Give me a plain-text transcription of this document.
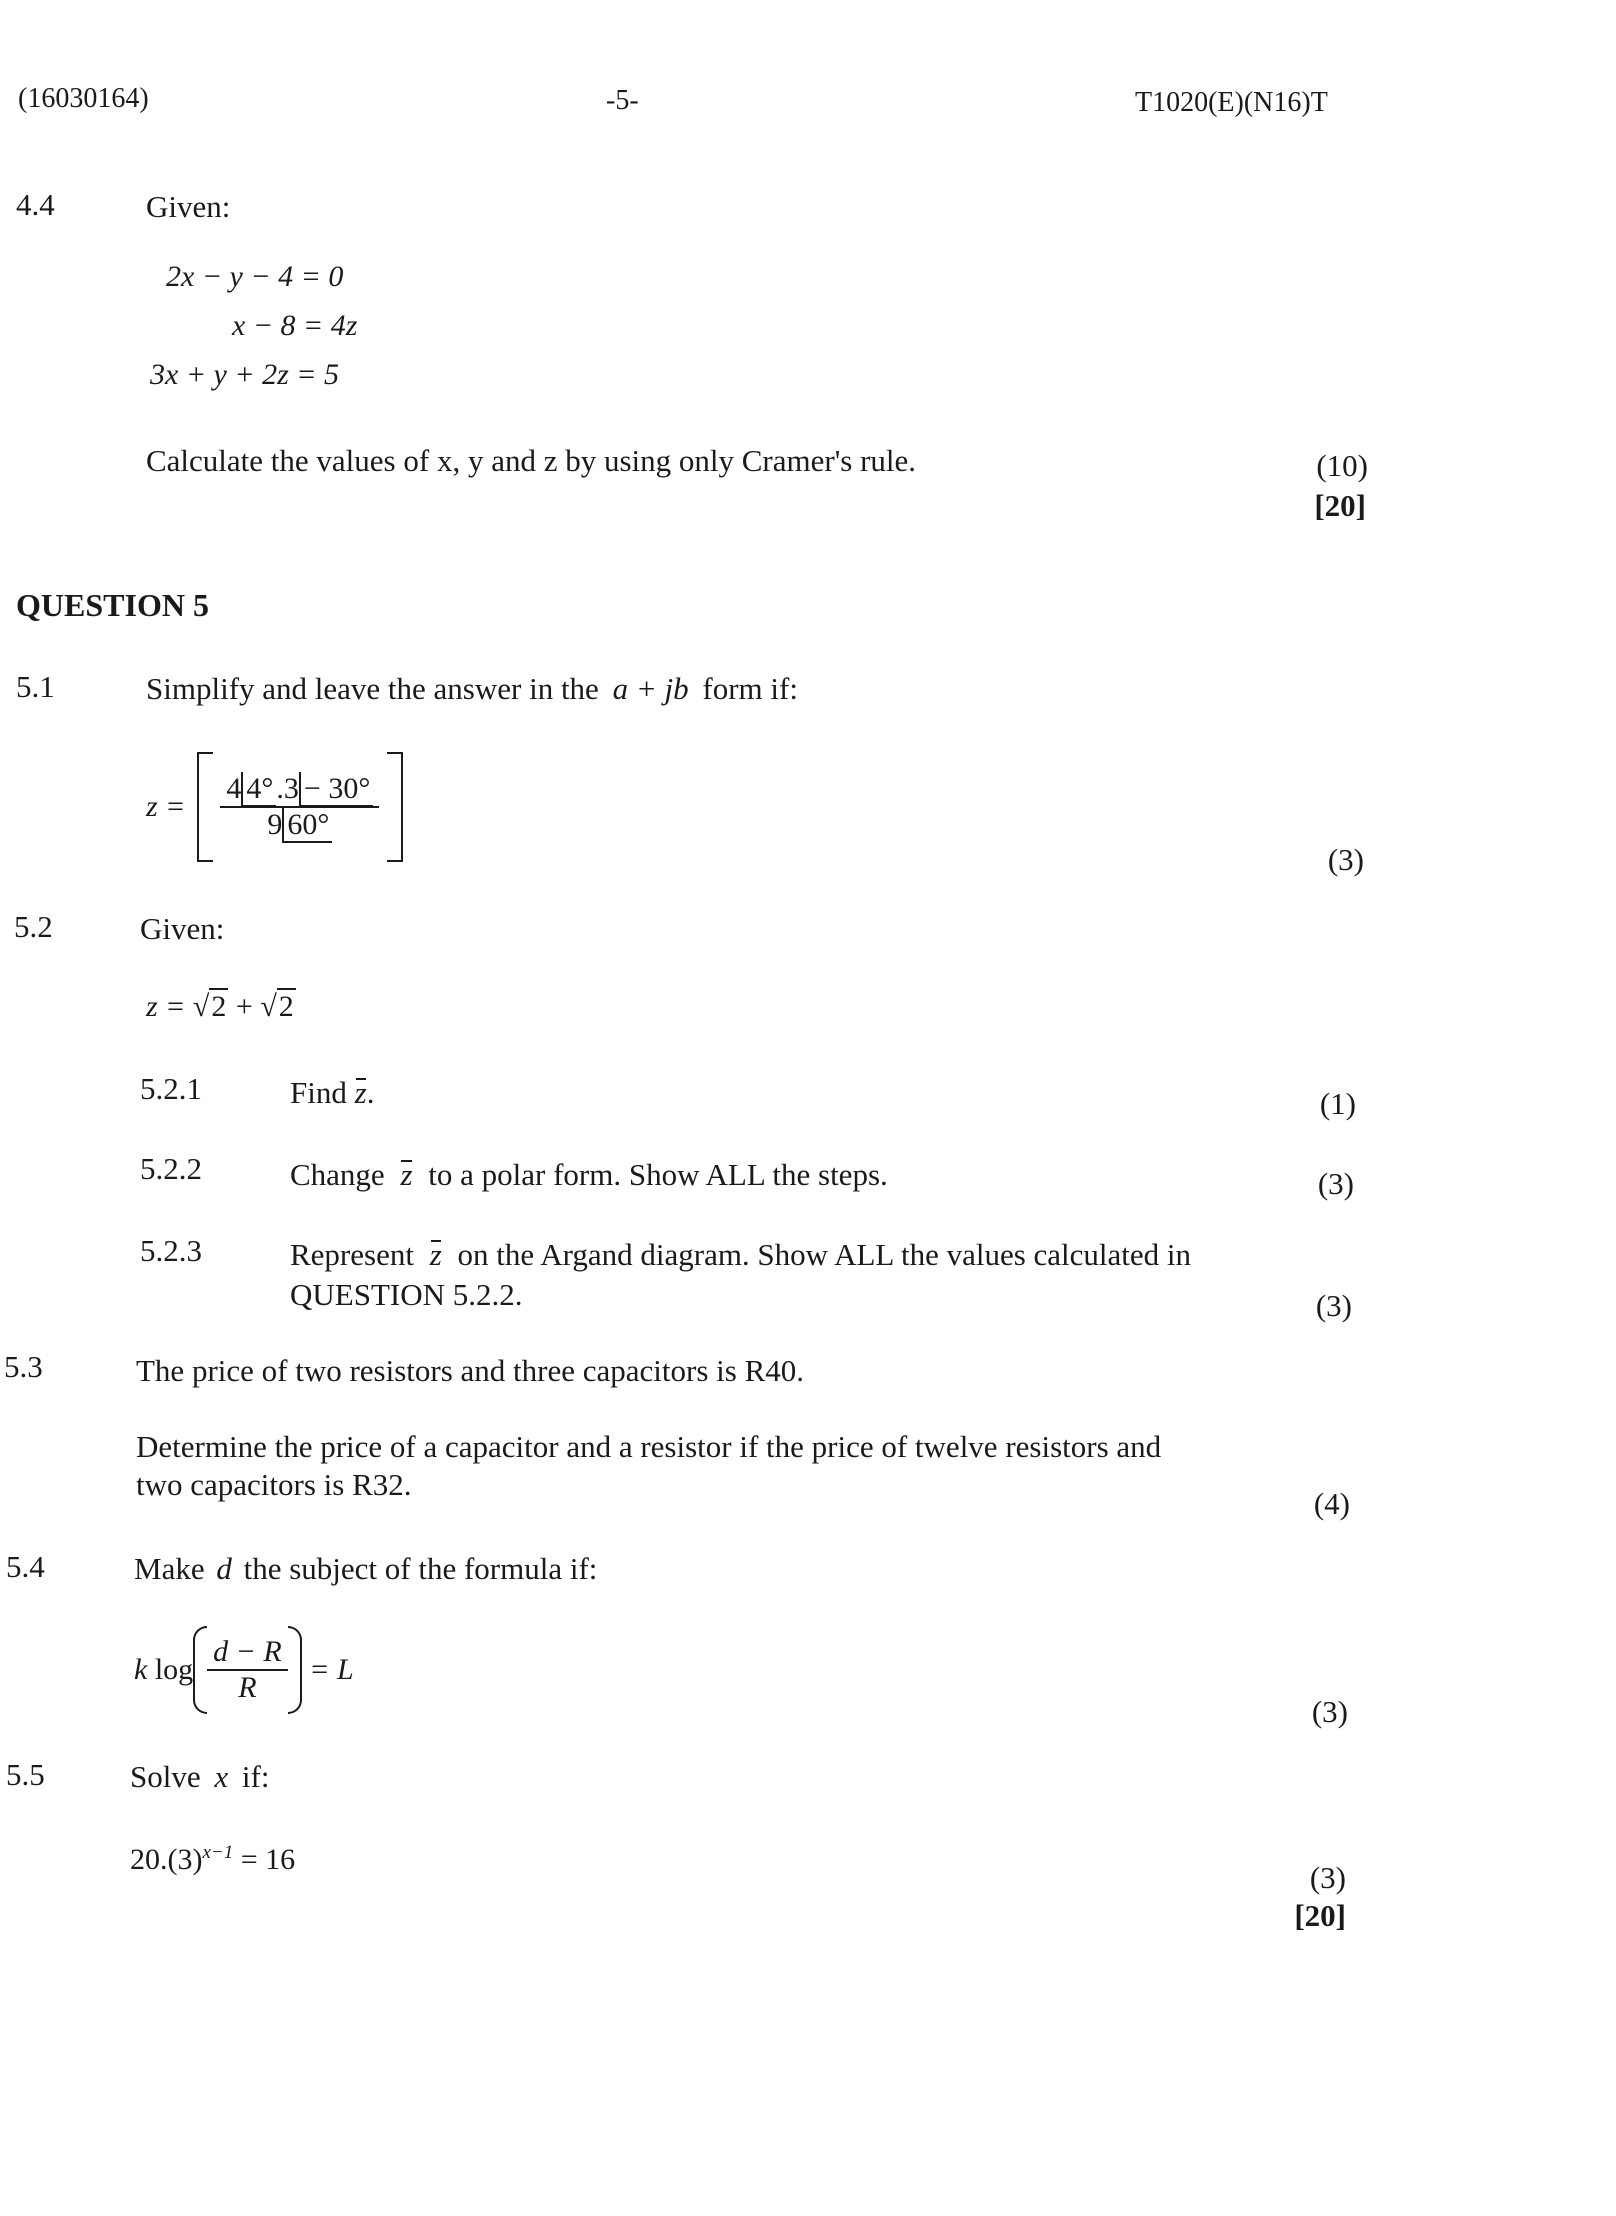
(16030164)	-5-	T1020(E)(N16)T
4.4	Given:
2x − y − 4 = 0
x − 8 = 4z
3x + y + 2z = 5
Calculate the values of x, y and z by using only Cramer's rule.	(10)
[20]
QUESTION 5
5.1	Simplify and leave the answer in the a + jb form if:
$z = \frac{4 4^\circ .3 - 30^\circ}{9 60^\circ}$

(3)
5.2	Given:
z = √2 + √2
5.2.1	Find z.	(1)
5.2.2	Change z to a polar form. Show ALL the steps.	(3)
5.2.3	Represent z on the Argand diagram. Show ALL the values calculated in
QUESTION 5.2.2.	(3)
5.3	The price of two resistors and three capacitors is R40.
Determine the price of a capacitor and a resistor if the price of twelve resistors and
two capacitors is R32.
(4)
5.4	Make d the subject of the formula if:
k $\log \frac{d - R}{R} = L$
(3)
5.5	Solve x if:
$20.(3)^{x-1} = 16$
(3)
[20]
